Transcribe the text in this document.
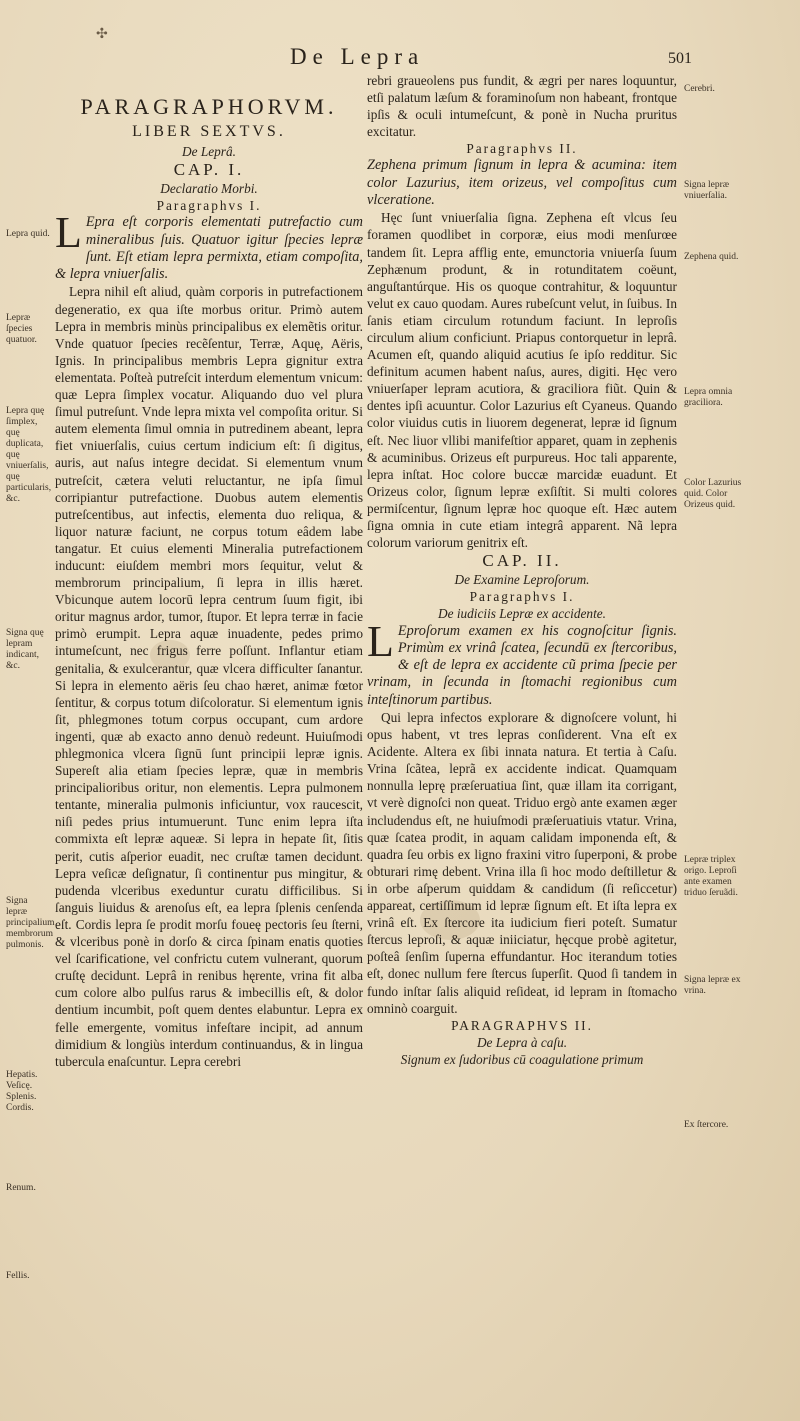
✣
De Lepra	501

PARAGRAPHORVM.

LIBER SEXTVS.

De Leprâ.

CAP. I.

Declaratio Morbi.

Paragraphvs I.

L Epra eſt corporis elementati putrefactio cum mineralibus ſuis. Quatuor igitur ſpecies lepræ ſunt. Eſt etiam lepra permixta, etiam compoſita, & lepra vniuerſalis.

Lepra nihil eſt aliud, quàm corporis in putrefactionem degeneratio, ex qua iſte morbus oritur. Primò autem Lepra in membris minùs principalibus ex elemẽtis oritur. Vnde quatuor ſpecies recẽſentur, Terræ, Aquę, Aëris, Ignis. In principalibus membris Lepra gignitur extra elementata. Poſteà putreſcit interdum elementum vnicum: quæ Lepra ſimplex vocatur. Aliquando duo vel plura ſimul putreſunt. Vnde lepra mixta vel compoſita oritur. Si autem elementa ſimul omnia in putredinem abeant, lepra fiet vniuerſalis, cuius certum indicium eſt: ſi digitus, auris, aut naſus integre decidat. Si elementum vnum putreſcit, cætera veluti reluctantur, ne ipſa ſimul corripiantur putrefactione. Duobus autem elementis putreſcentibus, aut infectis, elementa duo reliqua, & liquor naturæ faciunt, ne corpus totum eâdem labe tangatur. Et cuius elementi Mineralia putrefactionem inducunt: eiuſdem membri mors ſequitur, velut & membrorum principalium, ſi lepra in illis hæret. Vbicunque autem locorū lepra centrum ſuum figit, ibi oritur magnus ardor, tumor, ſtupor. Et lepra terræ in facie primò erumpit. Lepra aquæ inuadente, pedes primo intumeſcunt, nec frigus ferre poſſunt. Inflantur etiam genitalia, & exulcerantur, quæ vlcera difficulter ſanantur. Si lepra in elemento aëris ſeu chao hæret, animæ fœtor ſentitur, & corpus totum diſcoloratur. Si elementum ignis ſit, phlegmones totum corpus occupant, cum ardore ingenti, quæ ab exacto anno denuò redeunt. Huiuſmodi phlegmonica vlcera ſignū ſunt principii lepræ ignis. Supereſt alia etiam ſpecies lepræ, quæ in membris principalioribus oritur, non elementis. Lepra pulmonem tentante, mineralia pulmonis inficiuntur, vox raucescit, niſi pedes prius intumuerunt. Tunc enim lepra iſta commixta eſt lepræ aqueæ. Si lepra in hepate ſit, ſitis perit, cutis aſperior euadit, nec cruſtæ tamen decidunt. Lepra veſicæ deſignatur, ſi continentur pus mingitur, & pudenda vlceribus exeduntur curatu difficilibus. Si ſanguis liuidus & arenoſus eſt, ea lepra ſplenis cenſenda eſt. Cordis lepra ſe prodit morſu foueę pectoris ſeu ſterni, & vlceribus ponè in dorſo & circa ſpinam enatis quoties vel ſcarificatione, vel confrictu cutem vulnerant, quorum cruſtę decidunt. Leprâ in renibus hęrente, vrina fit alba cum colore albo pulſus rarus & imbecillis eſt, & dolor dentium incumbit, poſt quem dentes elabuntur. Lepra ex felle emergente, vomitus infeſtare incipit, ad annum dimidium & longiùs interdum continuandus, & in lingua tubercula enaſcuntur. Lepra cerebri

rebri graueolens pus fundit, & ægri per nares loquuntur, etſi palatum læſum & foraminoſum non habeant, frontque ipſis & oculi intumeſcunt, & ponè in Nucha pruritus excitatur.

Paragraphvs II.

Zephena primum ſignum in lepra & acumina: item color Lazurius, item orizeus, vel compoſitus cum vlceratione.

Hęc ſunt vniuerſalia ſigna. Zephena eſt vlcus ſeu foramen quodlibet in corporæ, eius modi menſurœe tandem ſit. Lepra afflig ente, emunctoria vniuerſa ſuum Zephænum produnt, & in rotunditatem coëunt, anguſtantúrque. His os quoque contrahitur, & loquuntur velut ex cauo quodam. Aures rubeſcunt velut, in ſuibus. In ſanis etiam circulum rotundum faciunt. In leproſis circulum alium conficiunt. Priapus contorquetur in leprâ. Acumen eſt, quando aliquid acutius ſe ipſo redditur. Sic definitum acumen habent naſus, aures, digiti. Hęc vero vniuerſaper lepram acutiora, & graciliora fiũt. Quin & dentes ipſi acuuntur. Color Lazurius eſt Cyaneus. Quando color viuidus cutis in liuorem degenerat, lepræ id ſignum eſt. Nec liuor vllibi manifeſtior apparet, quam in zephenis & acuminibus. Orizeus eſt purpureus. Hoc tali apparente, lepra inſtat. Hoc colore buccæ marcidæ euadunt. Et Orizeus color, ſignum lepræ exſiſtit. Si multi colores permiſcentur, ſignum lępræ hoc quoque eſt. Hæc autem ſigna omnia in cute etiam integrâ apparent. Nã lepra colorum variorum genitrix eſt.

CAP. II.

De Examine Leproſorum.

Paragraphvs I.

De iudiciis Lepræ ex accidente.

L Eproſorum examen ex his cognoſcitur ſignis. Primùm ex vrinâ ſcatea, ſecundū ex ſtercoribus, & eſt de lepra ex accidente cũ prima ſpecie per vrinam, in ſecunda in ſtomachi regionibus cum inteſtinorum partibus.

Qui lepra infectos explorare & dignoſcere volunt, hi opus habent, vt tres lepras conſiderent. Vna eſt ex Acidente. Altera ex ſibi innata natura. Et tertia à Caſu. Vrina ſcãtea, leprã ex accidente indicat. Quamquam nonnulla leprę præſeruatiua ſint, quæ illam ita corrigant, vt verè dignoſci non queat. Triduo ergò ante examen æger includendus eſt, ne huiuſmodi præſeruatiuis vtatur. Vrina, quæ ſcatea prodit, in aquam calidam imponenda eſt, & quadra ſeu orbis ex ligno fraxini vitro ſuperponi, & probe obturari rimę debent. Vrina illa ſi hoc modo deſtilletur & in orbe aſperum quiddam & candidum (ſi reſiccetur) appareat, certiſſimum id lepræ ſignum eſt. Et iſta lepra ex vrinâ eſt. Ex ſtercore ita iudicium fieri poteſt. Sumatur ſtercus leproſi, & aquæ iniiciatur, hęcque probè agitetur, poſteâ ſenſim ſuperna effundantur. Hoc iterandum toties eſt, donec nullum fere ſtercus ſuperſit. Quod ſi tandem in fundo inſtar ſalis aliquid reſideat, id lepram in ſtomacho omninò coarguit.

PARAGRAPHVS II.

De Lepra à caſu.

Signum ex ſudoribus cū coagulatione primum

Lepra quid.
Lepræ ſpecies quatuor.
Lepra quę ſimplex, quę duplicata, quę vniuerſalis, quę particularis, &c.
Signa quę lepram indicant, &c.
Signa lepræ principalium membrorum pulmonis.
Hepatis. Veſicę. Splenis. Cordis.
Renum.
Fellis.
Cerebri.
Signa lepræ vniuerſalia.
Zephena quid.
Lepra omnia graciliora.
Color Lazurius quid. Color Orizeus quid.
Lepræ triplex origo. Leproſi ante examen triduo ſeruãdi.
Signa lepræ ex vrina.
Ex ſtercore.
